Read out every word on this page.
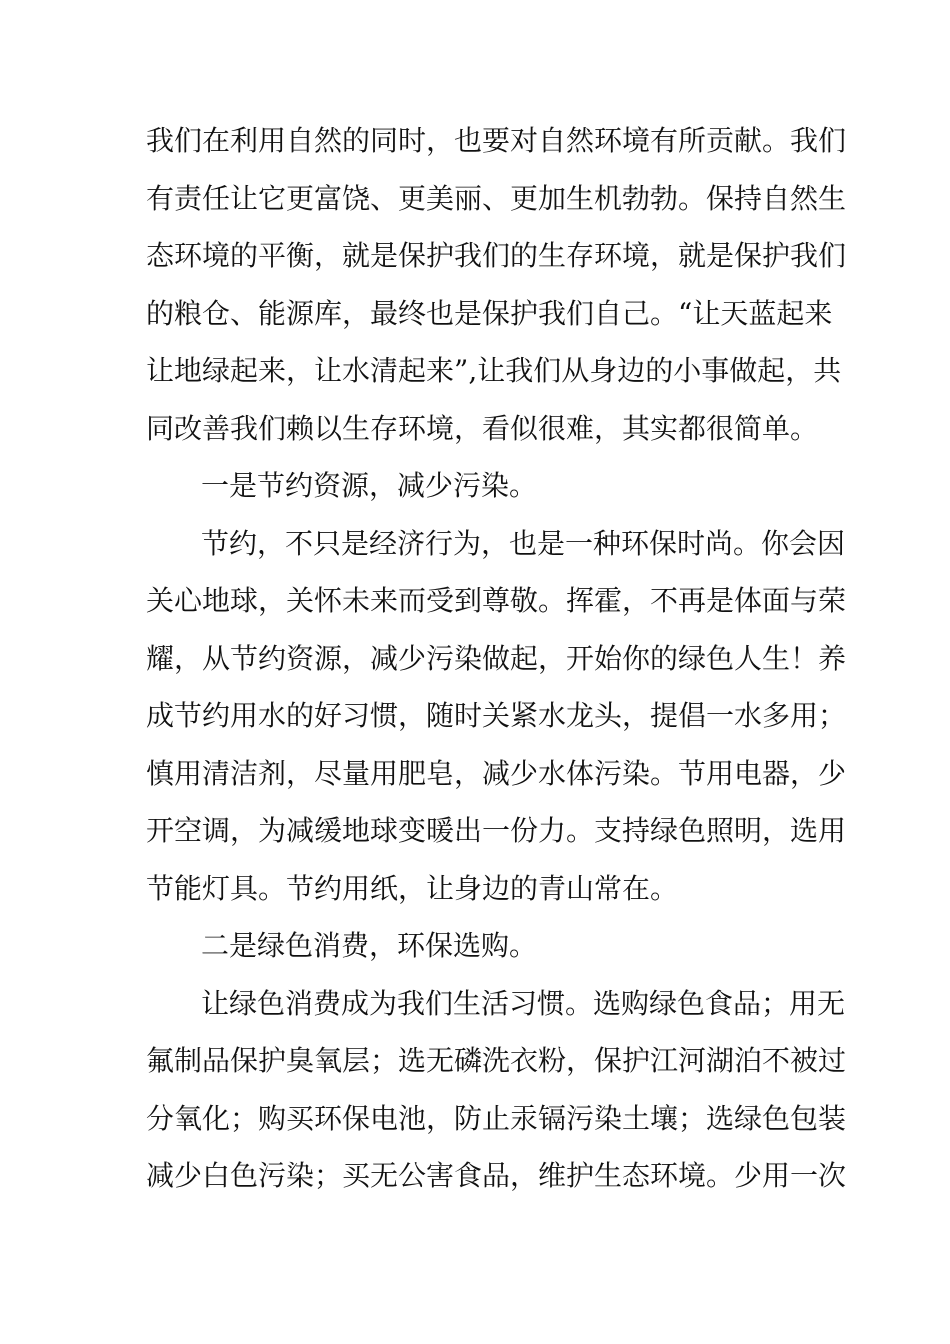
我们在利用自然的同时，也要对自然环境有所贡献。我们
有责任让它更富饶、更美丽、更加生机勃勃。保持自然生
态环境的平衡，就是保护我们的生存环境，就是保护我们
的粮仓、能源库，最终也是保护我们自己。“让天蓝起来
让地绿起来，让水清起来”,让我们从身边的小事做起，共
同改善我们赖以生存环境，看似很难，其实都很简单。
一是节约资源，减少污染。
节约，不只是经济行为，也是一种环保时尚。你会因
关心地球，关怀未来而受到尊敬。挥霍，不再是体面与荣
耀，从节约资源，减少污染做起，开始你的绿色人生！养
成节约用水的好习惯，随时关紧水龙头，提倡一水多用；
慎用清洁剂，尽量用肥皂，减少水体污染。节用电器，少
开空调，为减缓地球变暖出一份力。支持绿色照明，选用
节能灯具。节约用纸，让身边的青山常在。
二是绿色消费，环保选购。
让绿色消费成为我们生活习惯。选购绿色食品；用无
氟制品保护臭氧层；选无磷洗衣粉，保护江河湖泊不被过
分氧化；购买环保电池，防止汞镉污染土壤；选绿色包装
减少白色污染；买无公害食品，维护生态环境。少用一次
